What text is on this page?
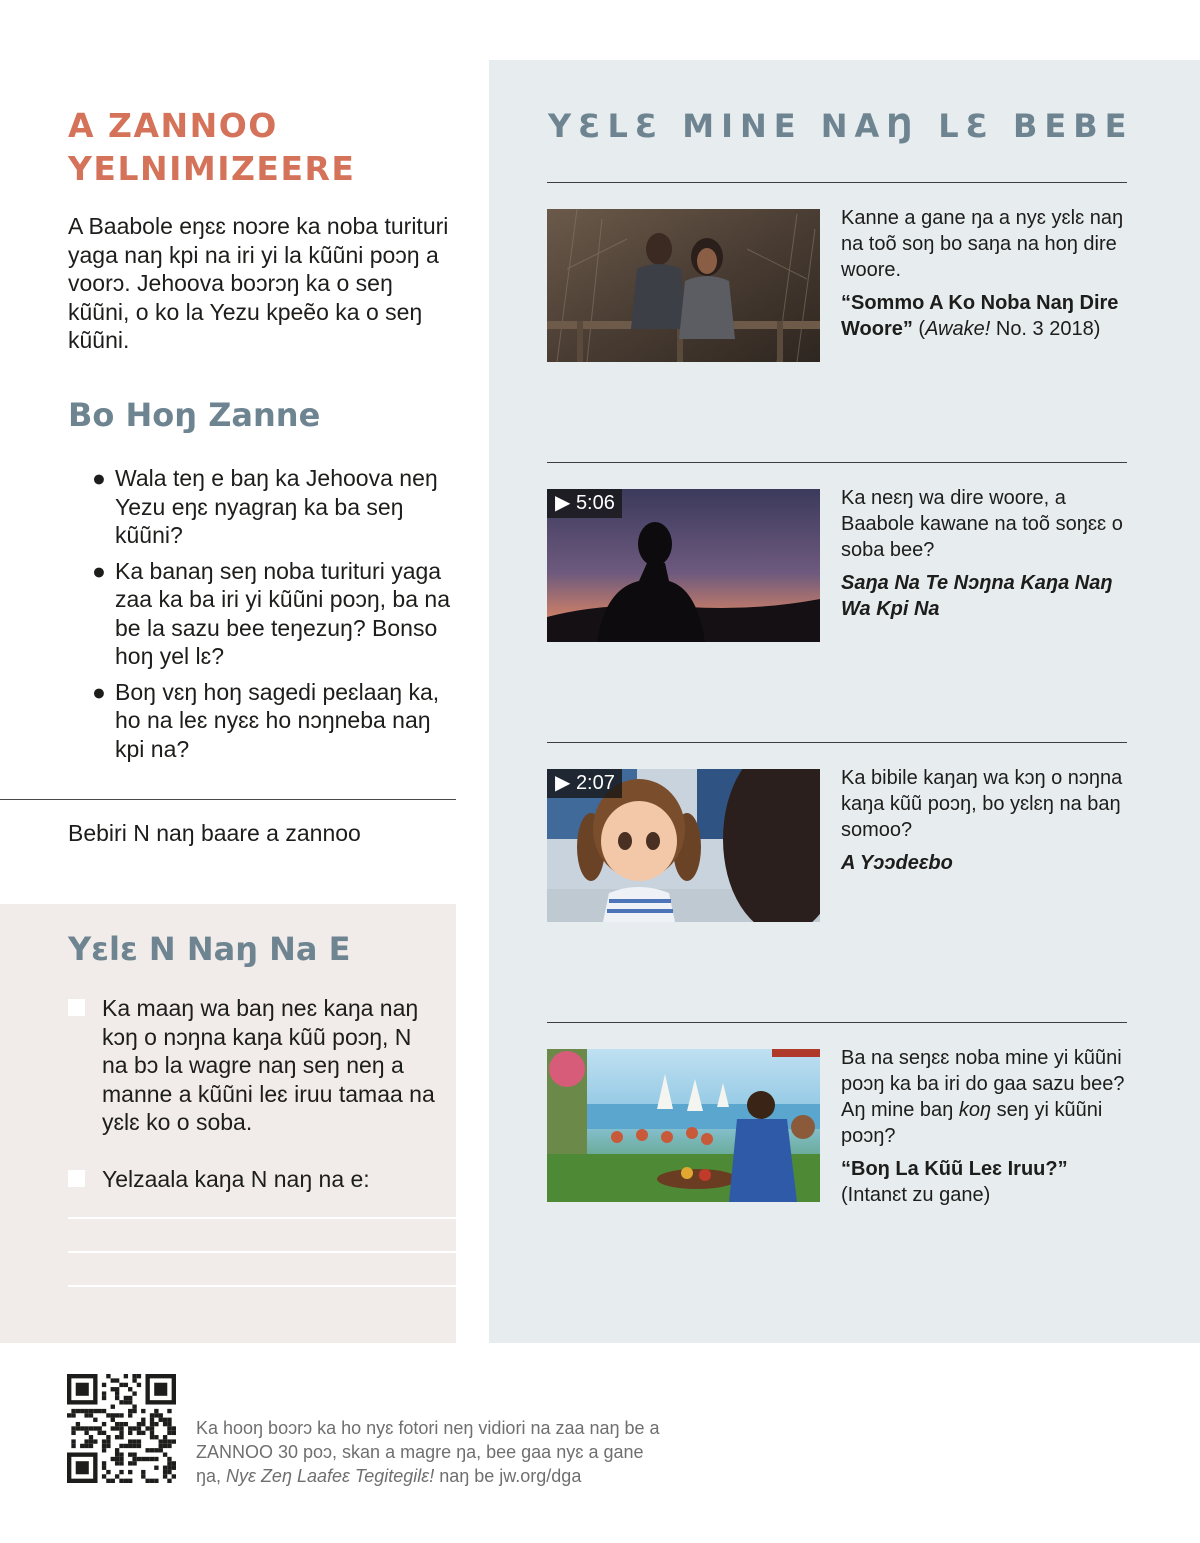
A ZANNOO YELNIMIZEERE

A Baabole eŋɛɛ noɔre ka noba turituri yaga naŋ kpi na iri yi la kũũni poɔŋ a voorɔ. Jehoova boɔrɔŋ ka o seŋ kũũni, o ko la Yezu kpeẽo ka o seŋ kũũni.

Bo Hoŋ Zanne
● Wala teŋ e baŋ ka Jehoova neŋ Yezu eŋɛ nyagraŋ ka ba seŋ kũũni?
● Ka banaŋ seŋ noba turituri yaga zaa ka ba iri yi kũũni poɔŋ, ba na be la sazu bee teŋezuŋ? Bonso hoŋ yel lɛ?
● Boŋ vɛŋ hoŋ sagedi peɛlaaŋ ka, ho na leɛ nyɛɛ ho nɔŋneba naŋ kpi na?

Bebiri N naŋ baare a zannoo

Yɛlɛ N Naŋ Na E

Ka maaŋ wa baŋ neɛ kaŋa naŋ kɔŋ o nɔŋna kaŋa kũũ poɔŋ, N na bɔ la wagre naŋ seŋ neŋ a manne a kũũni leɛ iruu tamaa na yɛlɛ ko o soba.

Yelzaala kaŋa N naŋ na e:

YƐLƐ MINE NAŊ LƐ BEBE

Kanne a gane ŋa a nyɛ yɛlɛ naŋ na toõ soŋ bo saŋa na hoŋ dire woore.

“Sommo A Ko Noba Naŋ Dire Woore” (Awake! No. 3 2018)

▶ 5:06	Ka neɛŋ wa dire woore, a Baabole kawane na toõ soŋɛɛ o soba bee?

Saŋa Na Te Nɔŋna Kaŋa Naŋ Wa Kpi Na

▶ 2:07	Ka bibile kaŋaŋ wa kɔŋ o nɔŋna kaŋa kũũ poɔŋ, bo yɛlɛŋ na baŋ somoo?

A Yɔɔdeɛbo

Ba na seŋɛɛ noba mine yi kũũni poɔŋ ka ba iri do gaa sazu bee? Aŋ mine baŋ koŋ seŋ yi kũũni poɔŋ?

“Boŋ La Kũũ Leɛ Iruu?”
(Intanɛt zu gane)

Ka hooŋ boɔrɔ ka ho nyɛ fotori neŋ vidiori na zaa naŋ be a ZANNOO 30 poɔ, skan a magre ŋa, bee gaa nyɛ a gane ŋa, Nyɛ Zeŋ Laafeɛ Tegitegilɛ! naŋ be jw.org/dga
